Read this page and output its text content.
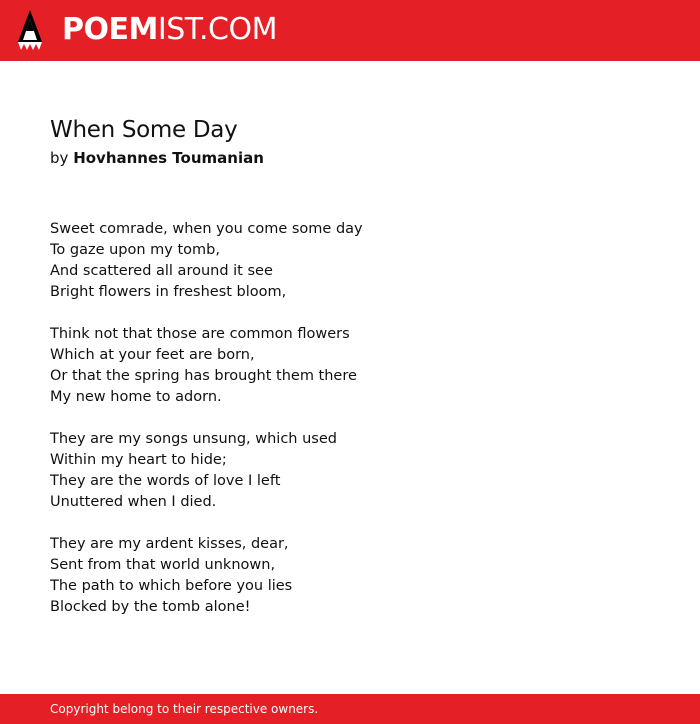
POEMIST.COM
When Some Day
by Hovhannes Toumanian
Sweet comrade, when you come some day
To gaze upon my tomb,
And scattered all around it see
Bright flowers in freshest bloom,
Think not that those are common flowers
Which at your feet are born,
Or that the spring has brought them there
My new home to adorn.
They are my songs unsung, which used
Within my heart to hide;
They are the words of love I left
Unuttered when I died.
They are my ardent kisses, dear,
Sent from that world unknown,
The path to which before you lies
Blocked by the tomb alone!
Copyright belong to their respective owners.
